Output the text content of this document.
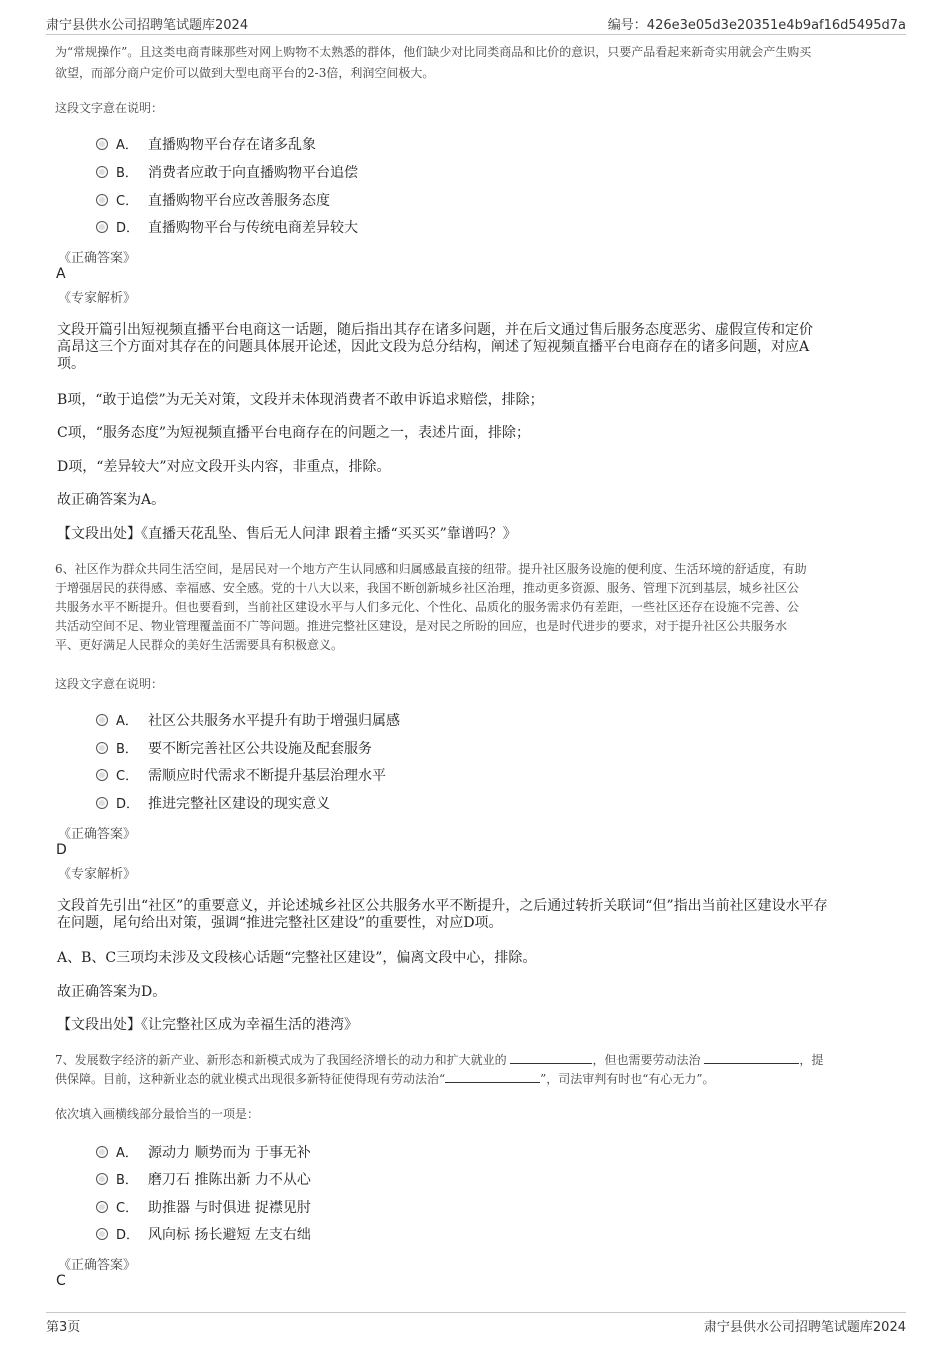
肃宁县供水公司招聘笔试题库2024	编号：426e3e05d3e20351e4b9af16d5495d7a
为“常规操作”。且这类电商青睐那些对网上购物不太熟悉的群体，他们缺少对比同类商品和比价的意识，只要产品看起来新奇实用就会产生购买
欲望，而部分商户定价可以做到大型电商平台的2-3倍，利润空间极大。
这段文字意在说明：
A． 直播购物平台存在诸多乱象
B． 消费者应敢于向直播购物平台追偿
C． 直播购物平台应改善服务态度
D． 直播购物平台与传统电商差异较大
《正确答案》
A
《专家解析》
文段开篇引出短视频直播平台电商这一话题，随后指出其存在诸多问题，并在后文通过售后服务态度恶劣、虚假宣传和定价
高昂这三个方面对其存在的问题具体展开论述，因此文段为总分结构，阐述了短视频直播平台电商存在的诸多问题，对应A
项。
B项，“敢于追偿”为无关对策，文段并未体现消费者不敢申诉追求赔偿，排除；
C项，“服务态度”为短视频直播平台电商存在的问题之一，表述片面，排除；
D项，“差异较大”对应文段开头内容，非重点，排除。
故正确答案为A。
【文段出处】《直播天花乱坠、售后无人问津 跟着主播“买买买”靠谱吗？》
6、社区作为群众共同生活空间，是居民对一个地方产生认同感和归属感最直接的纽带。提升社区服务设施的便利度、生活环境的舒适度，有助
于增强居民的获得感、幸福感、安全感。党的十八大以来，我国不断创新城乡社区治理，推动更多资源、服务、管理下沉到基层，城乡社区公
共服务水平不断提升。但也要看到，当前社区建设水平与人们多元化、个性化、品质化的服务需求仍有差距，一些社区还存在设施不完善、公
共活动空间不足、物业管理覆盖面不广等问题。推进完整社区建设，是对民之所盼的回应，也是时代进步的要求，对于提升社区公共服务水
平、更好满足人民群众的美好生活需要具有积极意义。
这段文字意在说明：
A． 社区公共服务水平提升有助于增强归属感
B． 要不断完善社区公共设施及配套服务
C． 需顺应时代需求不断提升基层治理水平
D． 推进完整社区建设的现实意义
《正确答案》
D
《专家解析》
文段首先引出“社区”的重要意义，并论述城乡社区公共服务水平不断提升，之后通过转折关联词“但”指出当前社区建设水平存
在问题，尾句给出对策，强调“推进完整社区建设”的重要性，对应D项。
A、B、C三项均未涉及文段核心话题“完整社区建设”，偏离文段中心，排除。
故正确答案为D。
【文段出处】《让完整社区成为幸福生活的港湾》
7、发展数字经济的新产业、新形态和新模式成为了我国经济增长的动力和扩大就业的	，但也需要劳动法治	，提
供保障。目前，这种新业态的就业模式出现很多新特征使得现有劳动法治“	”，司法审判有时也“有心无力”。
依次填入画横线部分最恰当的一项是：
A． 源动力 顺势而为 于事无补
B． 磨刀石 推陈出新 力不从心
C． 助推器 与时俱进 捉襟见肘
D． 风向标 扬长避短 左支右绌
《正确答案》
C
第3页	肃宁县供水公司招聘笔试题库2024
